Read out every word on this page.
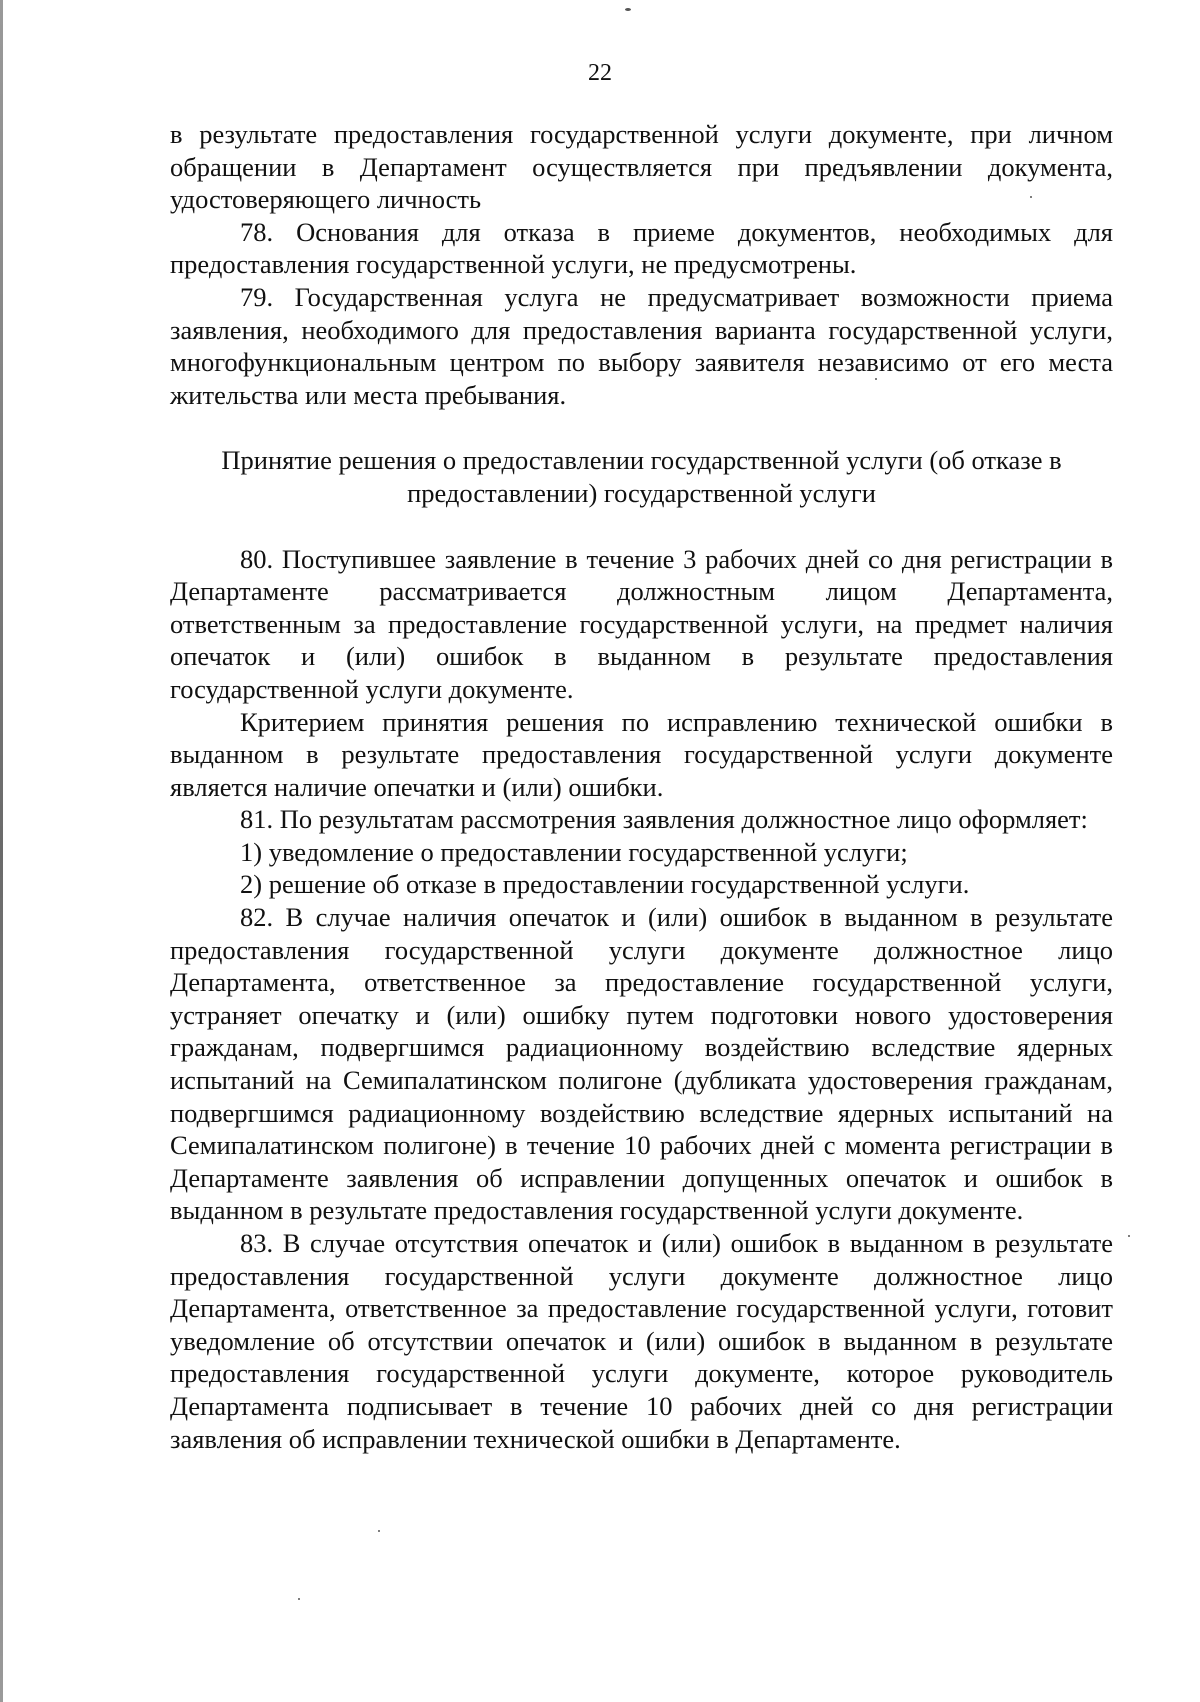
22

в результате предоставления государственной услуги документе, при личном обращении в Департамент осуществляется при предъявлении документа, удостоверяющего личность

78. Основания для отказа в приеме документов, необходимых для предоставления государственной услуги, не предусмотрены.

79. Государственная услуга не предусматривает возможности приема заявления, необходимого для предоставления варианта государственной услуги, многофункциональным центром по выбору заявителя независимо от его места жительства или места пребывания.

Принятие решения о предоставлении государственной услуги (об отказе в предоставлении) государственной услуги

80. Поступившее заявление в течение 3 рабочих дней со дня регистрации в Департаменте рассматривается должностным лицом Департамента, ответственным за предоставление государственной услуги, на предмет наличия опечаток и (или) ошибок в выданном в результате предоставления государственной услуги документе.

Критерием принятия решения по исправлению технической ошибки в выданном в результате предоставления государственной услуги документе является наличие опечатки и (или) ошибки.

81. По результатам рассмотрения заявления должностное лицо оформляет:

1) уведомление о предоставлении государственной услуги;

2) решение об отказе в предоставлении государственной услуги.

82. В случае наличия опечаток и (или) ошибок в выданном в результате предоставления государственной услуги документе должностное лицо Департамента, ответственное за предоставление государственной услуги, устраняет опечатку и (или) ошибку путем подготовки нового удостоверения гражданам, подвергшимся радиационному воздействию вследствие ядерных испытаний на Семипалатинском полигоне (дубликата удостоверения гражданам, подвергшимся радиационному воздействию вследствие ядерных испытаний на Семипалатинском полигоне) в течение 10 рабочих дней с момента регистрации в Департаменте заявления об исправлении допущенных опечаток и ошибок в выданном в результате предоставления государственной услуги документе.

83. В случае отсутствия опечаток и (или) ошибок в выданном в результате предоставления государственной услуги документе должностное лицо Департамента, ответственное за предоставление государственной услуги, готовит уведомление об отсутствии опечаток и (или) ошибок в выданном в результате предоставления государственной услуги документе, которое руководитель Департамента подписывает в течение 10 рабочих дней со дня регистрации заявления об исправлении технической ошибки в Департаменте.
